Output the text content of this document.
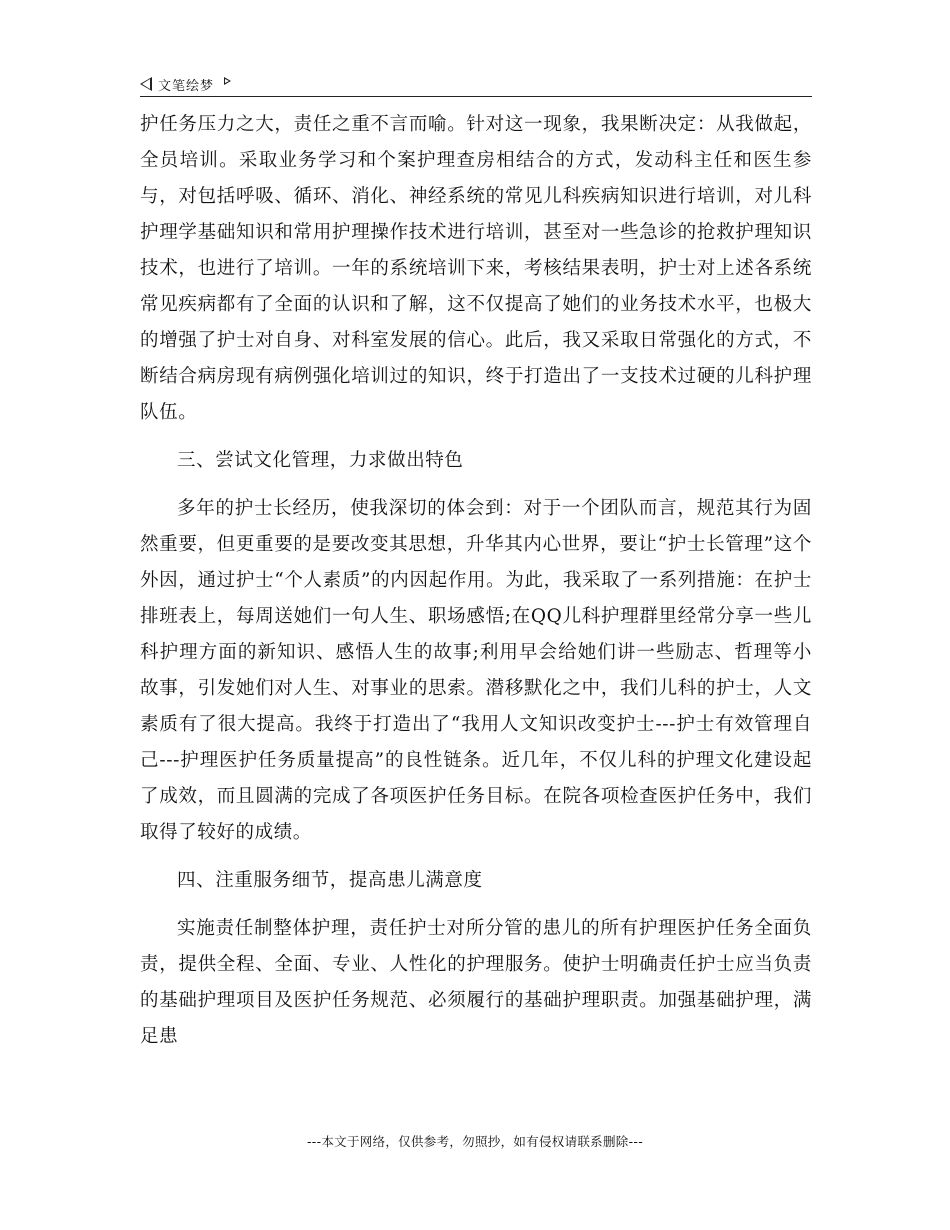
文笔绘梦

护任务压力之大，责任之重不言而喻。针对这一现象，我果断决定：从我做起，全员培训。采取业务学习和个案护理查房相结合的方式，发动科主任和医生参与，对包括呼吸、循环、消化、神经系统的常见儿科疾病知识进行培训，对儿科护理学基础知识和常用护理操作技术进行培训，甚至对一些急诊的抢救护理知识技术，也进行了培训。一年的系统培训下来，考核结果表明，护士对上述各系统常见疾病都有了全面的认识和了解，这不仅提高了她们的业务技术水平，也极大的增强了护士对自身、对科室发展的信心。此后，我又采取日常强化的方式，不断结合病房现有病例强化培训过的知识，终于打造出了一支技术过硬的儿科护理队伍。

三、尝试文化管理，力求做出特色

多年的护士长经历，使我深切的体会到：对于一个团队而言，规范其行为固然重要，但更重要的是要改变其思想，升华其内心世界，要让“护士长管理”这个外因，通过护士“个人素质”的内因起作用。为此，我采取了一系列措施：在护士排班表上，每周送她们一句人生、职场感悟;在QQ儿科护理群里经常分享一些儿科护理方面的新知识、感悟人生的故事;利用早会给她们讲一些励志、哲理等小故事，引发她们对人生、对事业的思索。潜移默化之中，我们儿科的护士，人文素质有了很大提高。我终于打造出了“我用人文知识改变护士---护士有效管理自己---护理医护任务质量提高”的良性链条。近几年，不仅儿科的护理文化建设起了成效，而且圆满的完成了各项医护任务目标。在院各项检查医护任务中，我们取得了较好的成绩。

四、注重服务细节，提高患儿满意度

实施责任制整体护理，责任护士对所分管的患儿的所有护理医护任务全面负责，提供全程、全面、专业、人性化的护理服务。使护士明确责任护士应当负责的基础护理项目及医护任务规范、必须履行的基础护理职责。加强基础护理，满足患

---本文于网络，仅供参考，勿照抄，如有侵权请联系删除---
